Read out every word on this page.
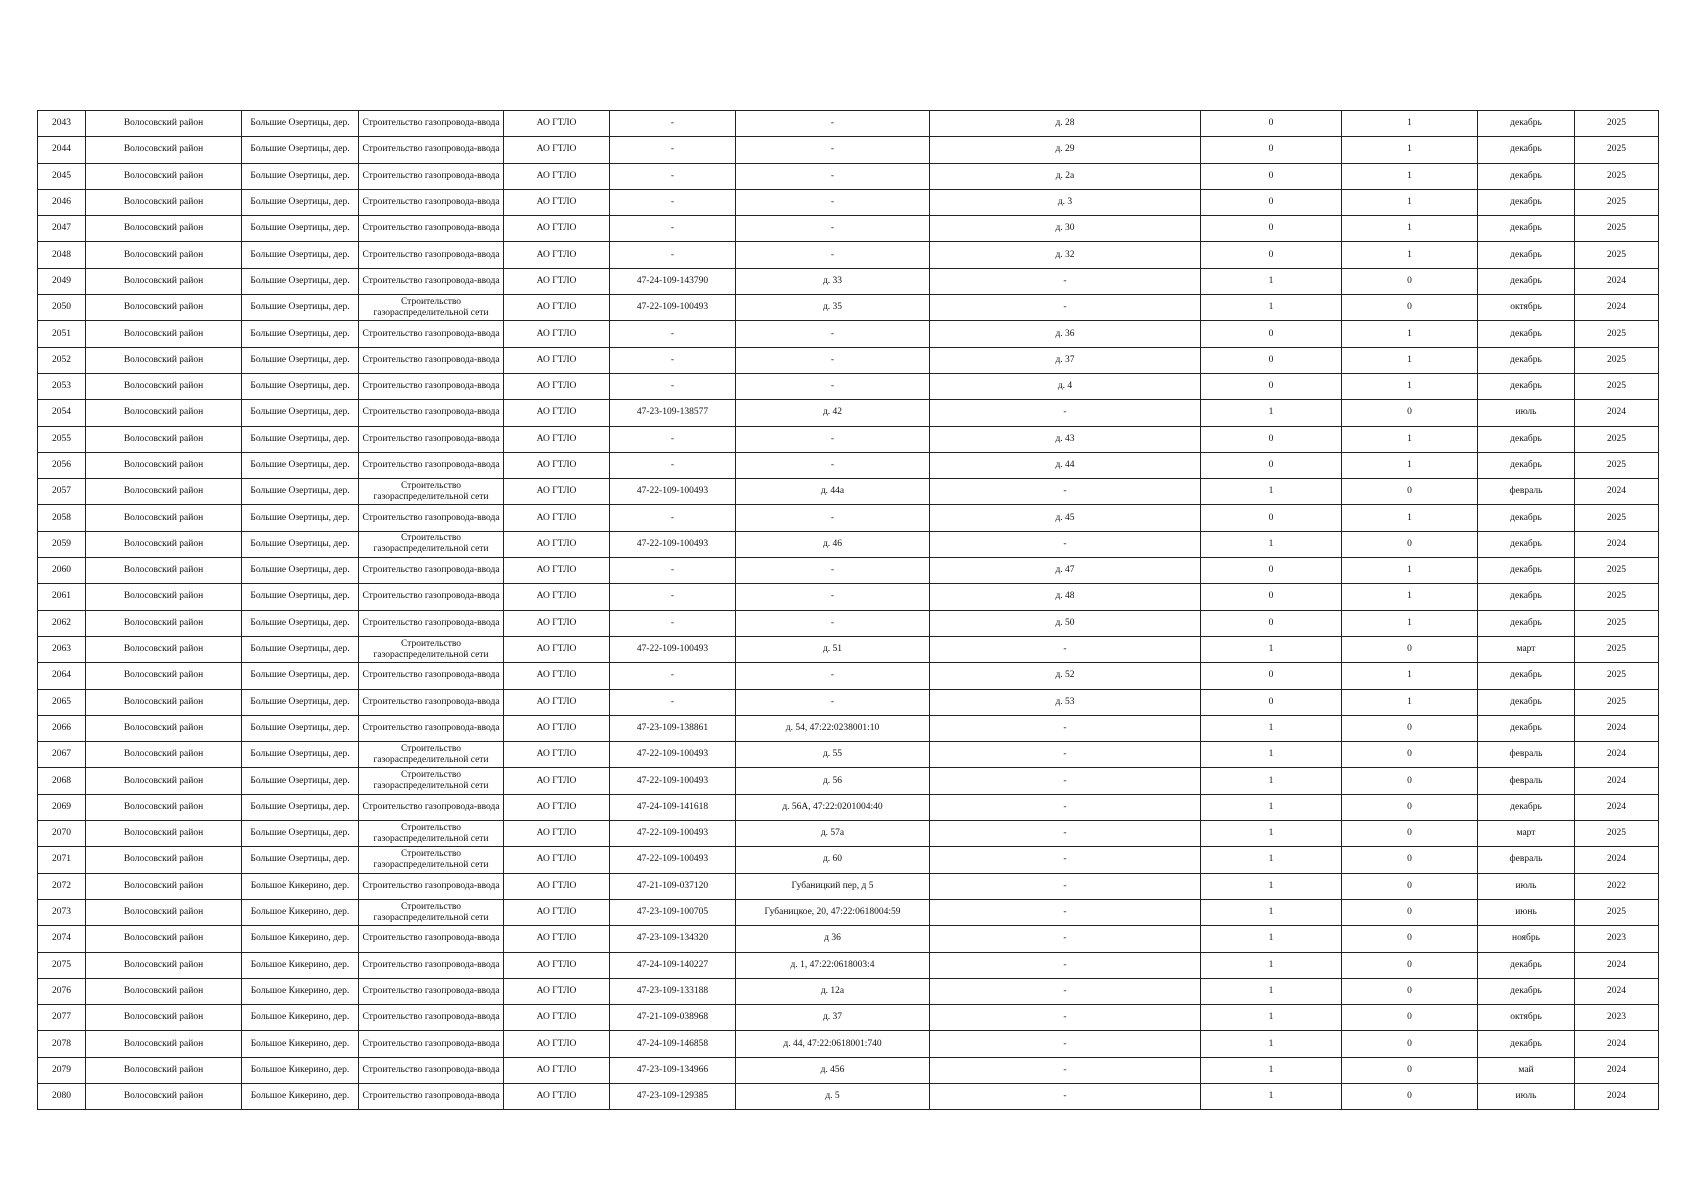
2043	Волосовский район	Большие Озертицы, дер.	Строительство газопровода-ввода	АО ГТЛО	-	-	д. 28	0	1	декабрь	2025
2044	Волосовский район	Большие Озертицы, дер.	Строительство газопровода-ввода	АО ГТЛО	-	-	д. 29	0	1	декабрь	2025
2045	Волосовский район	Большие Озертицы, дер.	Строительство газопровода-ввода	АО ГТЛО	-	-	д. 2а	0	1	декабрь	2025
2046	Волосовский район	Большие Озертицы, дер.	Строительство газопровода-ввода	АО ГТЛО	-	-	д. 3	0	1	декабрь	2025
2047	Волосовский район	Большие Озертицы, дер.	Строительство газопровода-ввода	АО ГТЛО	-	-	д. 30	0	1	декабрь	2025
2048	Волосовский район	Большие Озертицы, дер.	Строительство газопровода-ввода	АО ГТЛО	-	-	д. 32	0	1	декабрь	2025
2049	Волосовский район	Большие Озертицы, дер.	Строительство газопровода-ввода	АО ГТЛО	47-24-109-143790	д. 33	-	1	0	декабрь	2024
2050	Волосовский район	Большие Озертицы, дер.	Строительство газораспределительной сети	АО ГТЛО	47-22-109-100493	д. 35	-	1	0	октябрь	2024
2051	Волосовский район	Большие Озертицы, дер.	Строительство газопровода-ввода	АО ГТЛО	-	-	д. 36	0	1	декабрь	2025
2052	Волосовский район	Большие Озертицы, дер.	Строительство газопровода-ввода	АО ГТЛО	-	-	д. 37	0	1	декабрь	2025
2053	Волосовский район	Большие Озертицы, дер.	Строительство газопровода-ввода	АО ГТЛО	-	-	д. 4	0	1	декабрь	2025
2054	Волосовский район	Большие Озертицы, дер.	Строительство газопровода-ввода	АО ГТЛО	47-23-109-138577	д. 42	-	1	0	июль	2024
2055	Волосовский район	Большие Озертицы, дер.	Строительство газопровода-ввода	АО ГТЛО	-	-	д. 43	0	1	декабрь	2025
2056	Волосовский район	Большие Озертицы, дер.	Строительство газопровода-ввода	АО ГТЛО	-	-	д. 44	0	1	декабрь	2025
2057	Волосовский район	Большие Озертицы, дер.	Строительство газораспределительной сети	АО ГТЛО	47-22-109-100493	д. 44а	-	1	0	февраль	2024
2058	Волосовский район	Большие Озертицы, дер.	Строительство газопровода-ввода	АО ГТЛО	-	-	д. 45	0	1	декабрь	2025
2059	Волосовский район	Большие Озертицы, дер.	Строительство газораспределительной сети	АО ГТЛО	47-22-109-100493	д. 46	-	1	0	декабрь	2024
2060	Волосовский район	Большие Озертицы, дер.	Строительство газопровода-ввода	АО ГТЛО	-	-	д. 47	0	1	декабрь	2025
2061	Волосовский район	Большие Озертицы, дер.	Строительство газопровода-ввода	АО ГТЛО	-	-	д. 48	0	1	декабрь	2025
2062	Волосовский район	Большие Озертицы, дер.	Строительство газопровода-ввода	АО ГТЛО	-	-	д. 50	0	1	декабрь	2025
2063	Волосовский район	Большие Озертицы, дер.	Строительство газораспределительной сети	АО ГТЛО	47-22-109-100493	д. 51	-	1	0	март	2025
2064	Волосовский район	Большие Озертицы, дер.	Строительство газопровода-ввода	АО ГТЛО	-	-	д. 52	0	1	декабрь	2025
2065	Волосовский район	Большие Озертицы, дер.	Строительство газопровода-ввода	АО ГТЛО	-	-	д. 53	0	1	декабрь	2025
2066	Волосовский район	Большие Озертицы, дер.	Строительство газопровода-ввода	АО ГТЛО	47-23-109-138861	д. 54, 47:22:0238001:10	-	1	0	декабрь	2024
2067	Волосовский район	Большие Озертицы, дер.	Строительство газораспределительной сети	АО ГТЛО	47-22-109-100493	д. 55	-	1	0	февраль	2024
2068	Волосовский район	Большие Озертицы, дер.	Строительство газораспределительной сети	АО ГТЛО	47-22-109-100493	д. 56	-	1	0	февраль	2024
2069	Волосовский район	Большие Озертицы, дер.	Строительство газопровода-ввода	АО ГТЛО	47-24-109-141618	д. 56А, 47:22:0201004:40	-	1	0	декабрь	2024
2070	Волосовский район	Большие Озертицы, дер.	Строительство газораспределительной сети	АО ГТЛО	47-22-109-100493	д. 57а	-	1	0	март	2025
2071	Волосовский район	Большие Озертицы, дер.	Строительство газораспределительной сети	АО ГТЛО	47-22-109-100493	д. 60	-	1	0	февраль	2024
2072	Волосовский район	Большое Кикерино, дер.	Строительство газопровода-ввода	АО ГТЛО	47-21-109-037120	Губаницкий пер, д 5	-	1	0	июль	2022
2073	Волосовский район	Большое Кикерино, дер.	Строительство газораспределительной сети	АО ГТЛО	47-23-109-100705	Губаницкое, 20, 47:22:0618004:59	-	1	0	июнь	2025
2074	Волосовский район	Большое Кикерино, дер.	Строительство газопровода-ввода	АО ГТЛО	47-23-109-134320	д 36	-	1	0	ноябрь	2023
2075	Волосовский район	Большое Кикерино, дер.	Строительство газопровода-ввода	АО ГТЛО	47-24-109-140227	д. 1, 47:22:0618003:4	-	1	0	декабрь	2024
2076	Волосовский район	Большое Кикерино, дер.	Строительство газопровода-ввода	АО ГТЛО	47-23-109-133188	д. 12а	-	1	0	декабрь	2024
2077	Волосовский район	Большое Кикерино, дер.	Строительство газопровода-ввода	АО ГТЛО	47-21-109-038968	д. 37	-	1	0	октябрь	2023
2078	Волосовский район	Большое Кикерино, дер.	Строительство газопровода-ввода	АО ГТЛО	47-24-109-146858	д. 44, 47:22:0618001:740	-	1	0	декабрь	2024
2079	Волосовский район	Большое Кикерино, дер.	Строительство газопровода-ввода	АО ГТЛО	47-23-109-134966	д. 456	-	1	0	май	2024
2080	Волосовский район	Большое Кикерино, дер.	Строительство газопровода-ввода	АО ГТЛО	47-23-109-129385	д. 5	-	1	0	июль	2024
